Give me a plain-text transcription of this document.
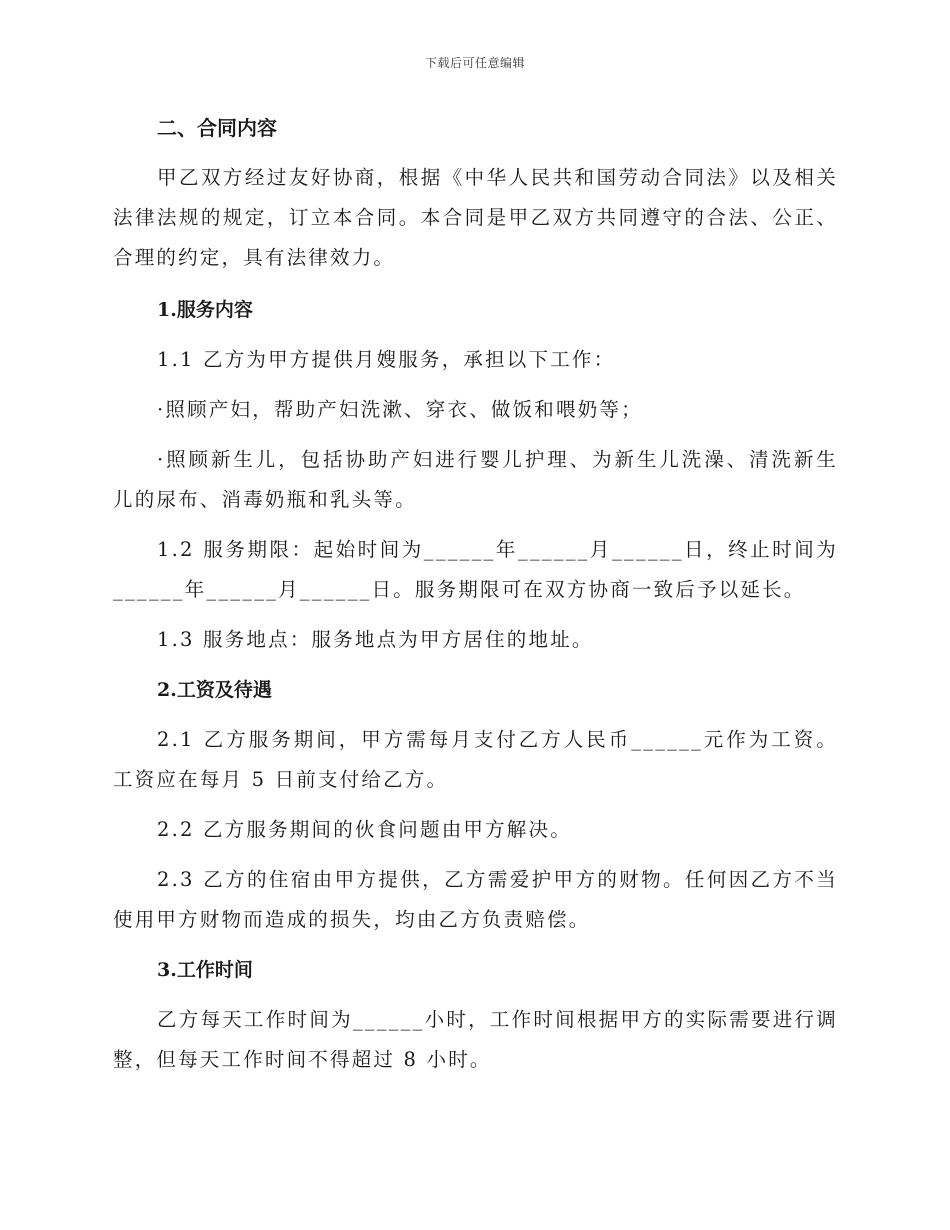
下载后可任意编辑
二、合同内容

甲乙双方经过友好协商，根据《中华人民共和国劳动合同法》以及相关法律法规的规定，订立本合同。本合同是甲乙双方共同遵守的合法、公正、合理的约定，具有法律效力。

1.服务内容

1.1 乙方为甲方提供月嫂服务，承担以下工作：

·照顾产妇，帮助产妇洗漱、穿衣、做饭和喂奶等；

·照顾新生儿，包括协助产妇进行婴儿护理、为新生儿洗澡、清洗新生儿的尿布、消毒奶瓶和乳头等。

1.2 服务期限：起始时间为______年______月______日，终止时间为______年______月______日。服务期限可在双方协商一致后予以延长。

1.3 服务地点：服务地点为甲方居住的地址。

2.工资及待遇

2.1 乙方服务期间，甲方需每月支付乙方人民币______元作为工资。工资应在每月 5 日前支付给乙方。

2.2 乙方服务期间的伙食问题由甲方解决。

2.3 乙方的住宿由甲方提供，乙方需爱护甲方的财物。任何因乙方不当使用甲方财物而造成的损失，均由乙方负责赔偿。

3.工作时间

乙方每天工作时间为______小时，工作时间根据甲方的实际需要进行调整，但每天工作时间不得超过 8 小时。
